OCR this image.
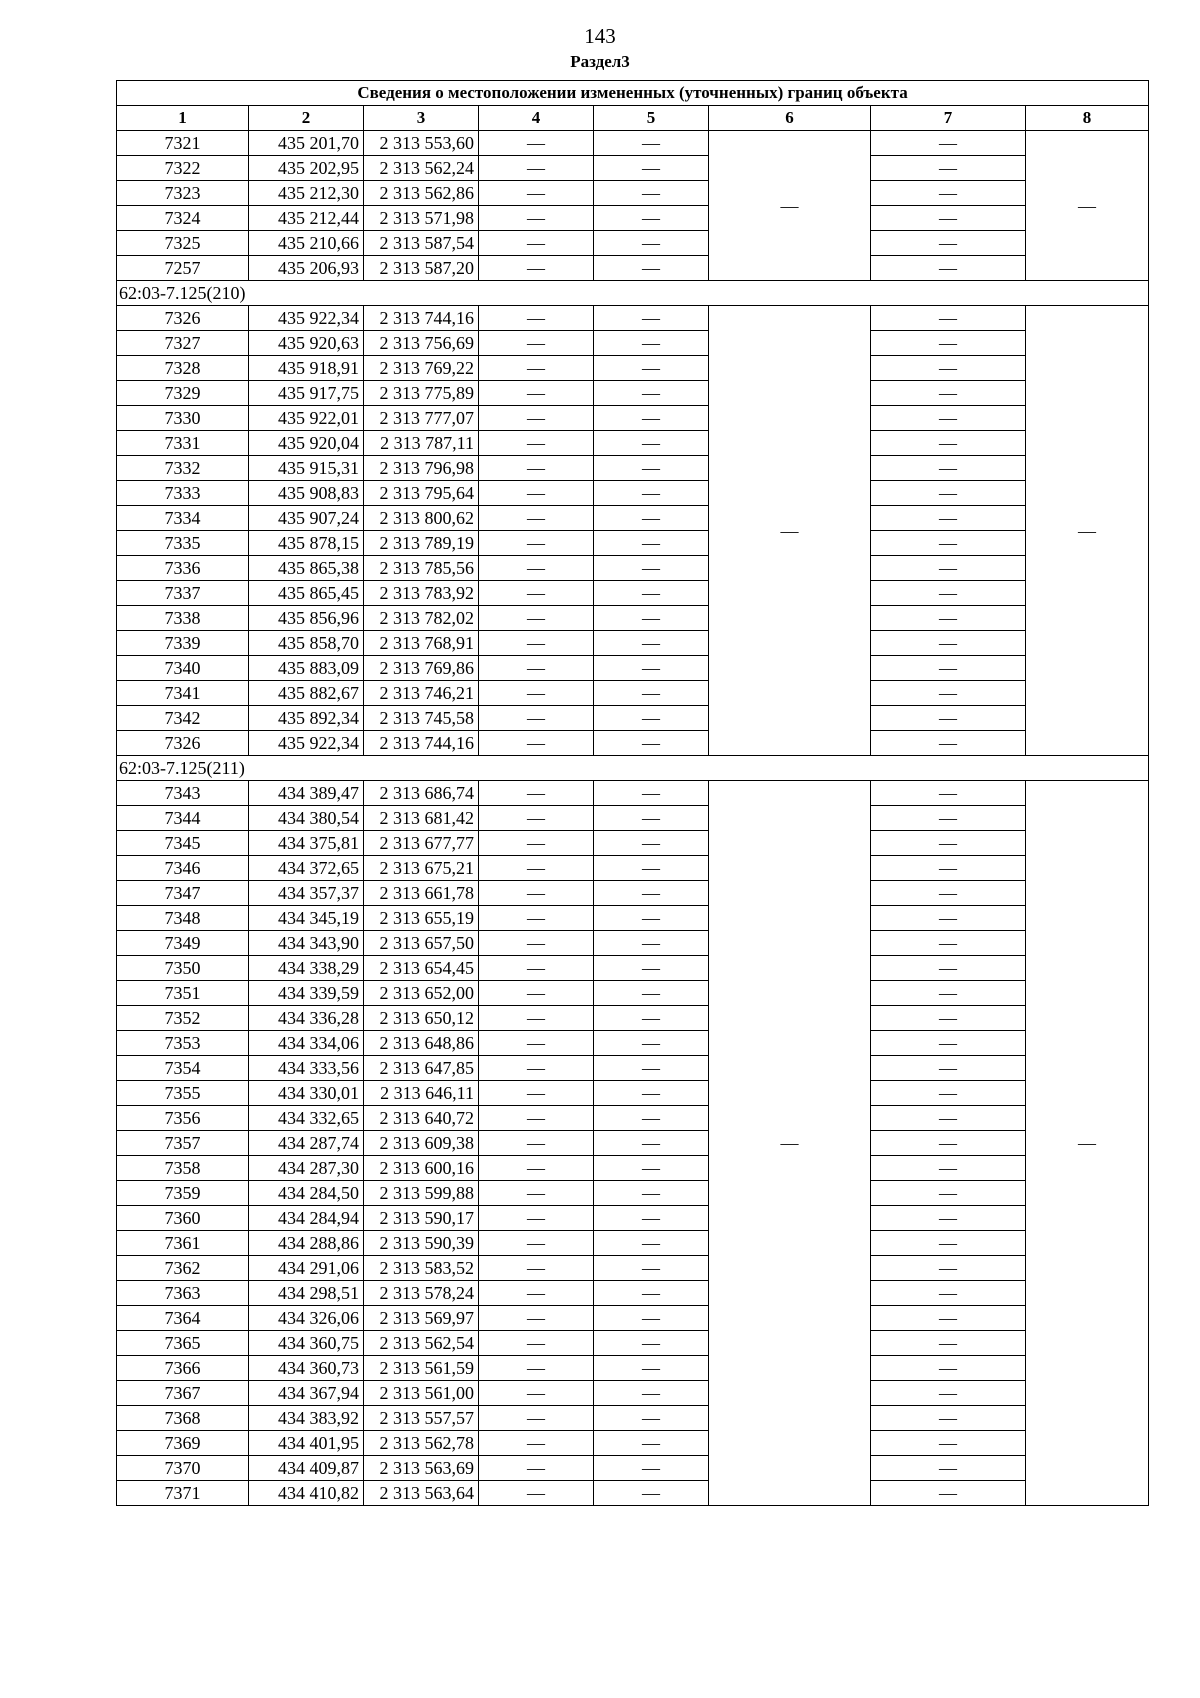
143
Раздел3
Сведения о местоположении измененных (уточненных) границ объекта							
1	2	3	4	5	6	7	8
7321	435 201,70	2 313 553,60	—	—	—	—	—
7322	435 202,95	2 313 562,24	—	—		—	
7323	435 212,30	2 313 562,86	—	—		—	
7324	435 212,44	2 313 571,98	—	—		—	
7325	435 210,66	2 313 587,54	—	—		—	
7257	435 206,93	2 313 587,20	—	—		—	
62:03-7.125(210)							
7326	435 922,34	2 313 744,16	—	—	—	—	—
7327	435 920,63	2 313 756,69	—	—		—	
7328	435 918,91	2 313 769,22	—	—		—	
7329	435 917,75	2 313 775,89	—	—		—	
7330	435 922,01	2 313 777,07	—	—		—	
7331	435 920,04	2 313 787,11	—	—		—	
7332	435 915,31	2 313 796,98	—	—		—	
7333	435 908,83	2 313 795,64	—	—		—	
7334	435 907,24	2 313 800,62	—	—		—	
7335	435 878,15	2 313 789,19	—	—		—	
7336	435 865,38	2 313 785,56	—	—		—	
7337	435 865,45	2 313 783,92	—	—		—	
7338	435 856,96	2 313 782,02	—	—		—	
7339	435 858,70	2 313 768,91	—	—		—	
7340	435 883,09	2 313 769,86	—	—		—	
7341	435 882,67	2 313 746,21	—	—		—	
7342	435 892,34	2 313 745,58	—	—		—	
7326	435 922,34	2 313 744,16	—	—		—	
62:03-7.125(211)							
7343	434 389,47	2 313 686,74	—	—	—	—	—
7344	434 380,54	2 313 681,42	—	—		—	
7345	434 375,81	2 313 677,77	—	—		—	
7346	434 372,65	2 313 675,21	—	—		—	
7347	434 357,37	2 313 661,78	—	—		—	
7348	434 345,19	2 313 655,19	—	—		—	
7349	434 343,90	2 313 657,50	—	—		—	
7350	434 338,29	2 313 654,45	—	—		—	
7351	434 339,59	2 313 652,00	—	—		—	
7352	434 336,28	2 313 650,12	—	—		—	
7353	434 334,06	2 313 648,86	—	—		—	
7354	434 333,56	2 313 647,85	—	—		—	
7355	434 330,01	2 313 646,11	—	—		—	
7356	434 332,65	2 313 640,72	—	—		—	
7357	434 287,74	2 313 609,38	—	—		—	
7358	434 287,30	2 313 600,16	—	—		—	
7359	434 284,50	2 313 599,88	—	—		—	
7360	434 284,94	2 313 590,17	—	—		—	
7361	434 288,86	2 313 590,39	—	—		—	
7362	434 291,06	2 313 583,52	—	—		—	
7363	434 298,51	2 313 578,24	—	—		—	
7364	434 326,06	2 313 569,97	—	—		—	
7365	434 360,75	2 313 562,54	—	—		—	
7366	434 360,73	2 313 561,59	—	—		—	
7367	434 367,94	2 313 561,00	—	—		—	
7368	434 383,92	2 313 557,57	—	—		—	
7369	434 401,95	2 313 562,78	—	—		—	
7370	434 409,87	2 313 563,69	—	—		—	
7371	434 410,82	2 313 563,64	—	—		—	
